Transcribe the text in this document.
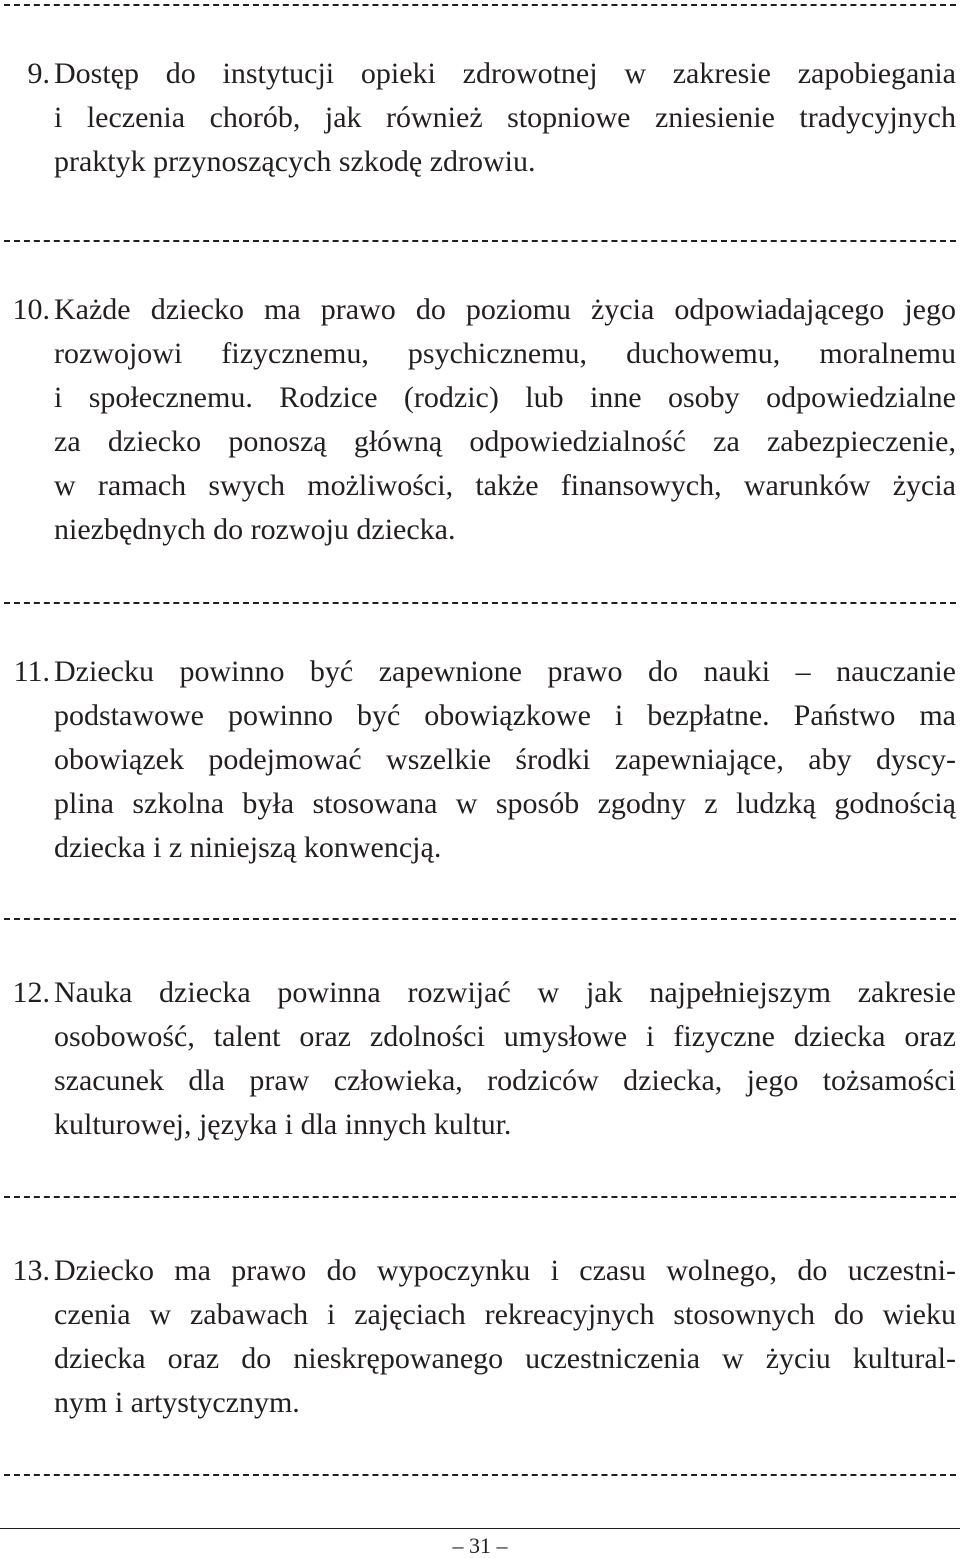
9. Dostęp do instytucji opieki zdrowotnej w zakresie zapobiegania
i leczenia chorób, jak również stopniowe zniesienie tradycyjnych
praktyk przynoszących szkodę zdrowiu.
10. Każde dziecko ma prawo do poziomu życia odpowiadającego jego
rozwojowi fizycznemu, psychicznemu, duchowemu, moralnemu
i społecznemu. Rodzice (rodzic) lub inne osoby odpowiedzialne
za dziecko ponoszą główną odpowiedzialność za zabezpieczenie,
w ramach swych możliwości, także finansowych, warunków życia
niezbędnych do rozwoju dziecka.
11. Dziecku powinno być zapewnione prawo do nauki – nauczanie
podstawowe powinno być obowiązkowe i bezpłatne. Państwo ma
obowiązek podejmować wszelkie środki zapewniające, aby dyscy-
plina szkolna była stosowana w sposób zgodny z ludzką godnością
dziecka i z niniejszą konwencją.
12. Nauka dziecka powinna rozwijać w jak najpełniejszym zakresie
osobowość, talent oraz zdolności umysłowe i fizyczne dziecka oraz
szacunek dla praw człowieka, rodziców dziecka, jego tożsamości
kulturowej, języka i dla innych kultur.
13. Dziecko ma prawo do wypoczynku i czasu wolnego, do uczestni-
czenia w zabawach i zajęciach rekreacyjnych stosownych do wieku
dziecka oraz do nieskrępowanego uczestniczenia w życiu kultural-
nym i artystycznym.
– 31 –
